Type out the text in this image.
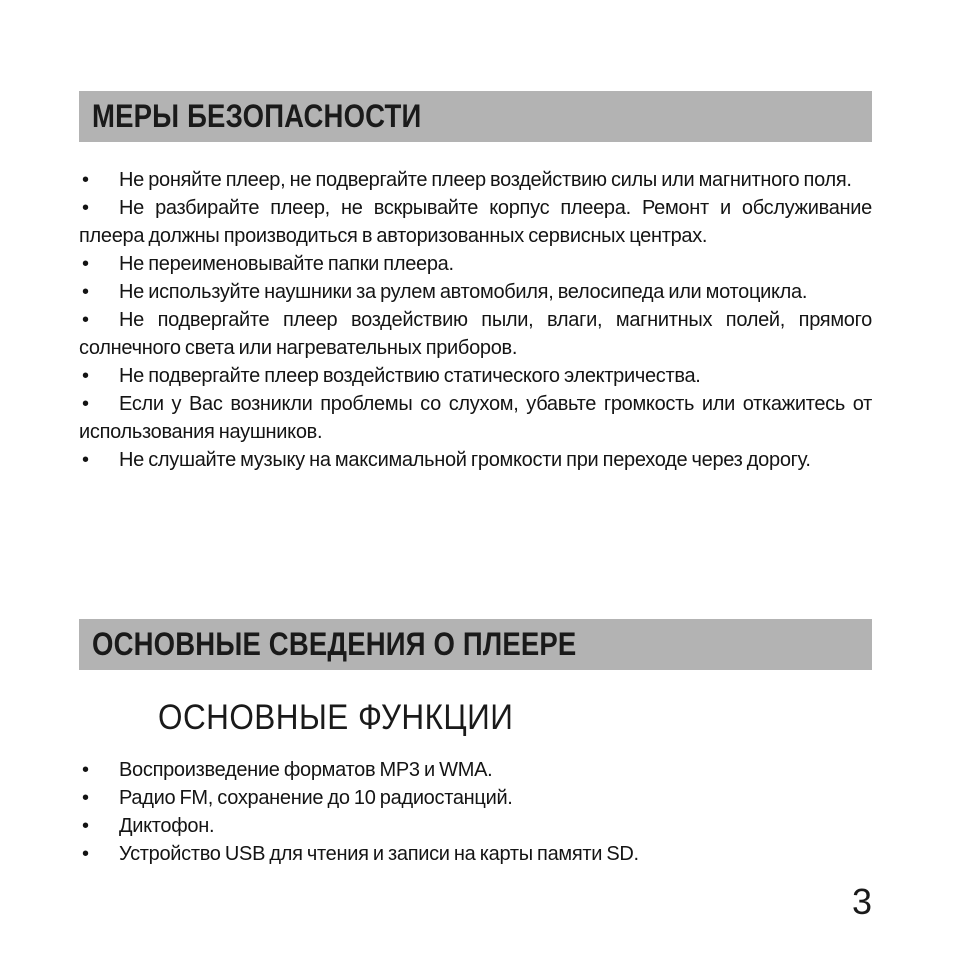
МЕРЫ БЕЗОПАСНОСТИ

• Не роняйте плеер, не подвергайте плеер воздействию силы или магнитного поля.

• Не разбирайте плеер, не вскрывайте корпус плеера. Ремонт и обслуживание плеера должны производиться в авторизованных сервисных центрах.

• Не переименовывайте папки плеера.

• Не используйте наушники за рулем автомобиля, велосипеда или мотоцикла.

• Не подвергайте плеер воздействию пыли, влаги, магнитных полей, прямого солнечного света или нагревательных приборов.

• Не подвергайте плеер воздействию статического электричества.

• Если у Вас возникли проблемы со слухом, убавьте громкость или откажитесь от использования наушников.

• Не слушайте музыку на максимальной громкости при переходе через дорогу.

ОСНОВНЫЕ СВЕДЕНИЯ О ПЛЕЕРЕ
ОСНОВНЫЕ ФУНКЦИИ

• Воспроизведение форматов MP3 и WMA.

• Радио FM, сохранение до 10 радиостанций.

• Диктофон.

• Устройство USB для чтения и записи на карты памяти SD.

3
